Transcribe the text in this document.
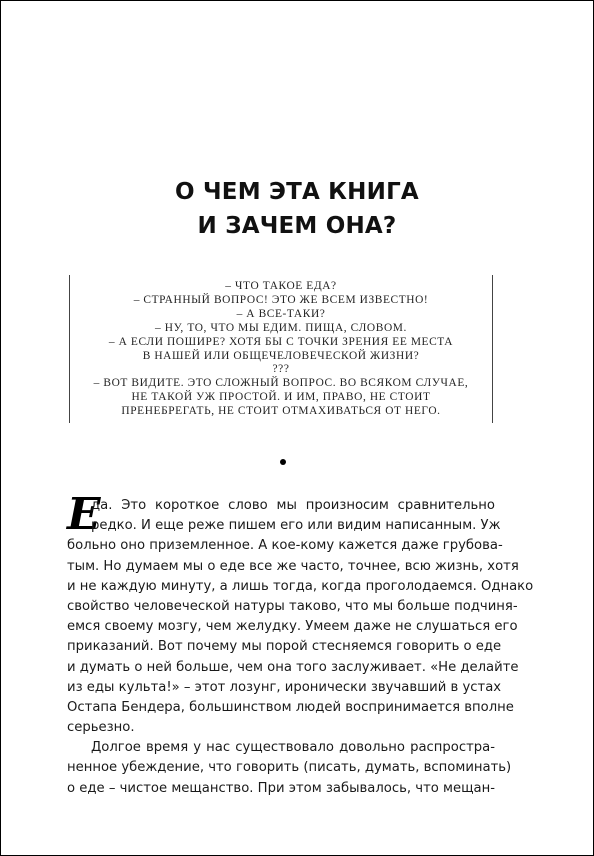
О ЧЕМ ЭТА КНИГА
И ЗАЧЕМ ОНА?
– ЧТО ТАКОЕ ЕДА?
– СТРАННЫЙ ВОПРОС! ЭТО ЖЕ ВСЕМ ИЗВЕСТНО!
– А ВСЕ-ТАКИ?
– НУ, ТО, ЧТО МЫ ЕДИМ. ПИЩА, СЛОВОМ.
– А ЕСЛИ ПОШИРЕ? ХОТЯ БЫ С ТОЧКИ ЗРЕНИЯ ЕЕ МЕСТА
В НАШЕЙ ИЛИ ОБЩЕЧЕЛОВЕЧЕСКОЙ ЖИЗНИ?
???
– ВОТ ВИДИТЕ. ЭТО СЛОЖНЫЙ ВОПРОС. ВО ВСЯКОМ СЛУЧАЕ,
НЕ ТАКОЙ УЖ ПРОСТОЙ. И ИМ, ПРАВО, НЕ СТОИТ
ПРЕНЕБРЕГАТЬ, НЕ СТОИТ ОТМАХИВАТЬСЯ ОТ НЕГО.
Е
да. Это короткое слово мы произносим сравнительно
редко. И еще реже пишем его или видим написанным. Уж
больно оно приземленное. А кое-кому кажется даже грубова-
тым. Но думаем мы о еде все же часто, точнее, всю жизнь, хотя
и не каждую минуту, а лишь тогда, когда проголодаемся. Однако
свойство человеческой натуры таково, что мы больше подчиня-
емся своему мозгу, чем желудку. Умеем даже не слушаться его
приказаний. Вот почему мы порой стесняемся говорить о еде
и думать о ней больше, чем она того заслуживает. «Не делайте
из еды культа!» – этот лозунг, иронически звучавший в устах
Остапа Бендера, большинством людей воспринимается вполне
серьезно.
Долгое время у нас существовало довольно распростра-
ненное убеждение, что говорить (писать, думать, вспоминать)
о еде – чистое мещанство. При этом забывалось, что мещан-
